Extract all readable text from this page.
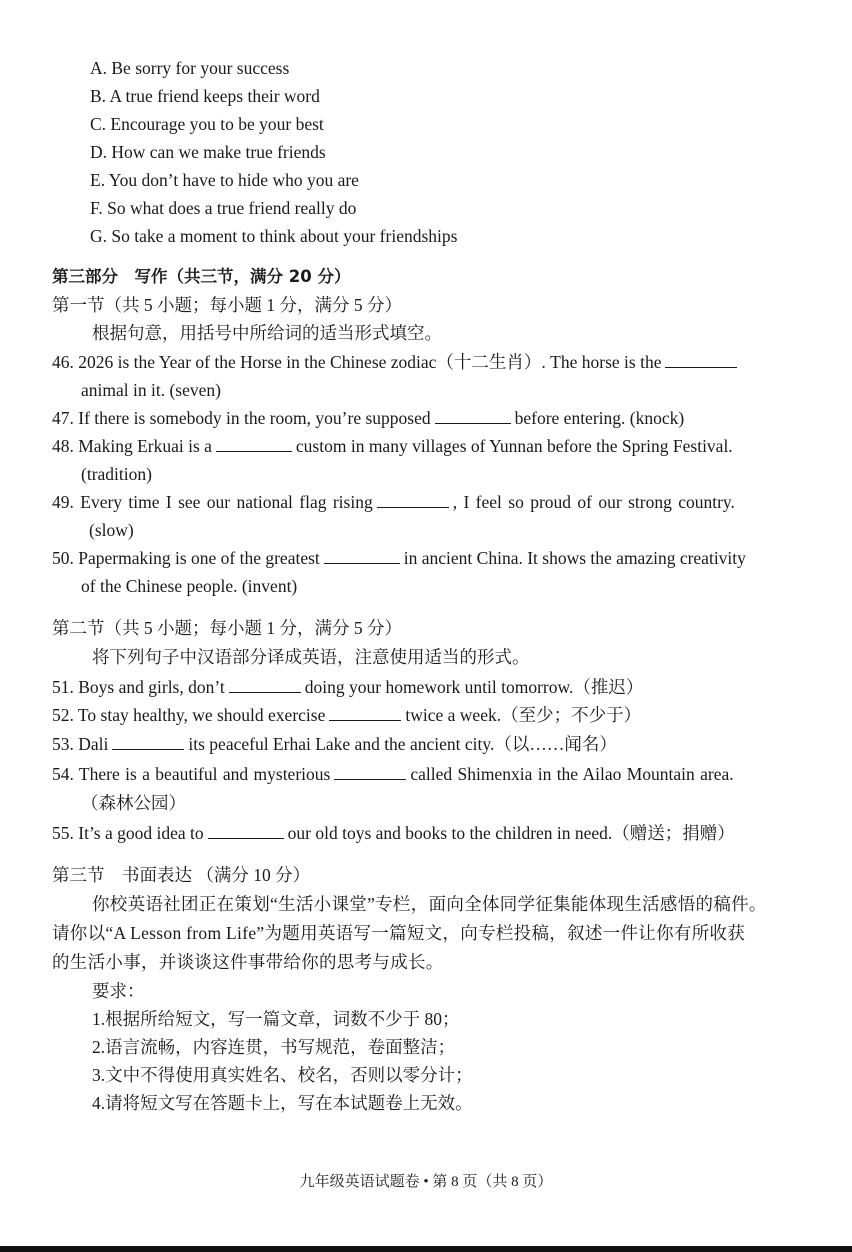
A. Be sorry for your success
B. A true friend keeps their word
C. Encourage you to be your best
D. How can we make true friends
E. You don’t have to hide who you are
F. So what does a true friend really do
G. So take a moment to think about your friendships
第三部分　写作（共三节，满分 20 分）
第一节（共 5 小题；每小题 1 分，满分 5 分）
根据句意，用括号中所给词的适当形式填空。
46. 2026 is the Year of the Horse in the Chinese zodiac（十二生肖）. The horse is the
animal in it. (seven)
47. If there is somebody in the room, you’re supposed	before entering. (knock)
48. Making Erkuai is a	custom in many villages of Yunnan before the Spring Festival.
(tradition)
49. Every time I see our national flag rising	, I feel so proud of our strong country.
(slow)
50. Papermaking is one of the greatest	in ancient China. It shows the amazing creativity
of the Chinese people. (invent)
第二节（共 5 小题；每小题 1 分，满分 5 分）
将下列句子中汉语部分译成英语，注意使用适当的形式。
51. Boys and girls, don’t	doing your homework until tomorrow.（推迟）
52. To stay healthy, we should exercise	twice a week.（至少；不少于）
53. Dali	its peaceful Erhai Lake and the ancient city.（以……闻名）
54. There is a beautiful and mysterious	called Shimenxia in the Ailao Mountain area.
（森林公园）
55. It’s a good idea to	our old toys and books to the children in need.（赠送；捐赠）
第三节　书面表达 （满分 10 分）
你校英语社团正在策划“生活小课堂”专栏，面向全体同学征集能体现生活感悟的稿件。
请你以“A Lesson from Life”为题用英语写一篇短文，向专栏投稿，叙述一件让你有所收获
的生活小事，并谈谈这件事带给你的思考与成长。
要求：
1.根据所给短文，写一篇文章，词数不少于 80；
2.语言流畅，内容连贯，书写规范，卷面整洁；
3.文中不得使用真实姓名、校名，否则以零分计；
4.请将短文写在答题卡上，写在本试题卷上无效。
九年级英语试题卷 • 第 8 页（共 8 页）
